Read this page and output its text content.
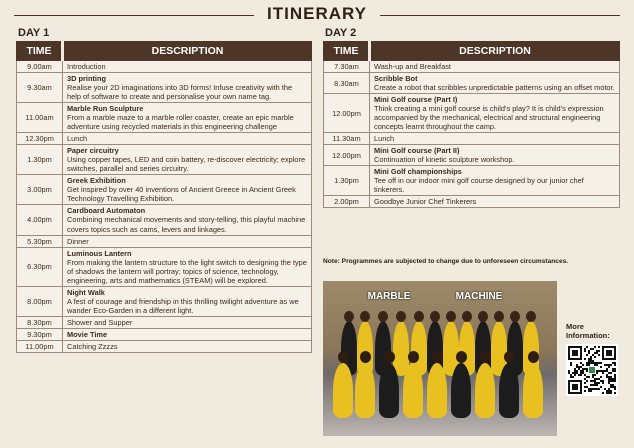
ITINERARY
DAY 1	DAY 2
TIME	DESCRIPTION
9.00am	Introduction

9.30am	3D printing
Realise your 2D imaginations into 3D forms! Infuse creativity with the help of software to create and personalise your own name tag.

11.00am	Marble Run Sculpture
From a marble maze to a marble roller coaster, create an epic marble adventure using recycled materials in this engineering challenge

12.30pm	Lunch

1.30pm	Paper circuitry
Using copper tapes, LED and coin battery, re-discover electricity; explore switches, parallel and series circuitry.

3.00pm	Greek Exhibition
Get inspired by over 40 inventions of Ancient Greece in Ancient Greek Technology Travelling Exhibition.

4.00pm	Cardboard Automaton
Combining mechanical movements and story-telling, this playful machine covers topics such as cams, levers and linkages.

5.30pm	Dinner

6.30pm	Luminous Lantern
From making the lantern structure to the light switch to designing the type of shadows the lantern will portray; topics of science, technology, engineering, arts and mathematics (STEAM) will be explored.

8.00pm	Night Walk
A fest of courage and friendship in this thrilling twilight adventure as we wander Eco-Garden in a different light.

8.30pm	Shower and Supper

9.30pm	Movie Time

11.00pm	Catching Zzzzs
TIME	DESCRIPTION
7.30am	Wash-up and Breakfast

8.30am	Scribble Bot
Create a robot that scribbles unpredictable patterns using an offset motor.

12.00pm	Mini Golf course (Part I)
Think creating a mini golf course is child's play? It is child's expression accompanied by the mechanical, electrical and structural engineering concepts learnt throughout the camp.

11.30am	Lunch

12.00pm	Mini Golf course (Part II)
Continuation of kinetic sculpture workshop.

1.30pm	Mini Golf championships
Tee off in our indoor mini golf course designed by our junior chef tinkerers.

2.00pm	Goodbye Junior Chef Tinkerers
Note: Programmes are subjected to change due to unforeseen circumstances.
MARBLE	MACHINE
More Information:
